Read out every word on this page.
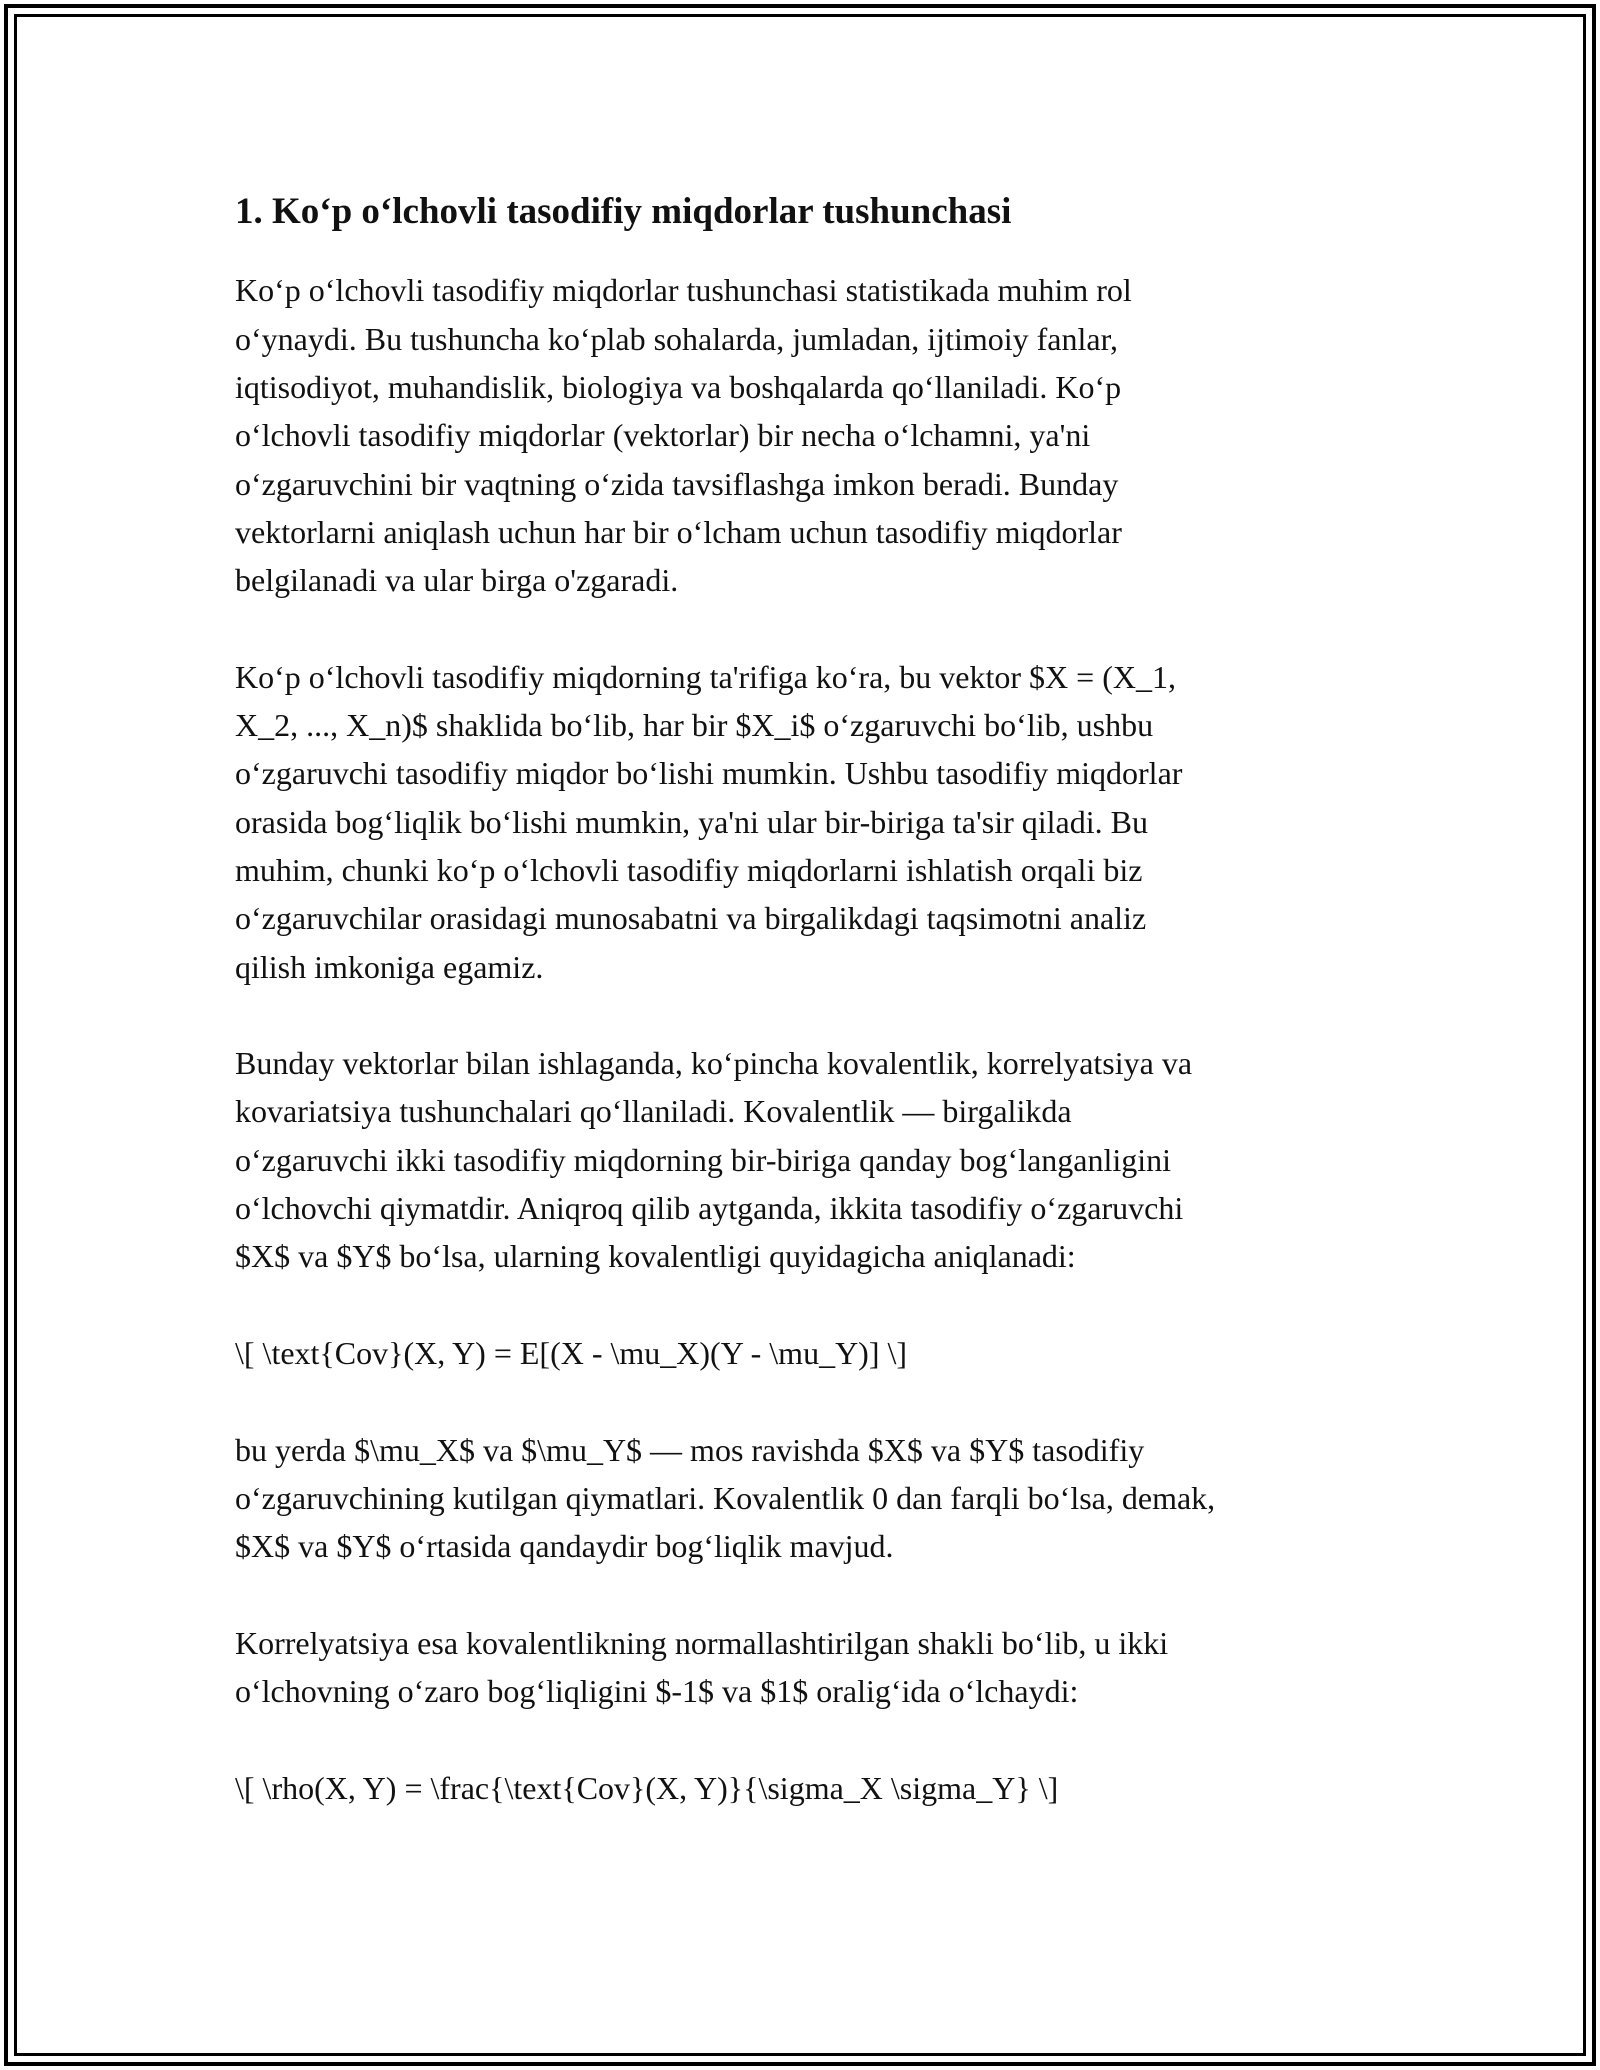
1. Koʻp oʻlchovli tasodifiy miqdorlar tushunchasi
Koʻp oʻlchovli tasodifiy miqdorlar tushunchasi statistikada muhim rol
oʻynaydi. Bu tushuncha koʻplab sohalarda, jumladan, ijtimoiy fanlar,
iqtisodiyot, muhandislik, biologiya va boshqalarda qoʻllaniladi. Koʻp
oʻlchovli tasodifiy miqdorlar (vektorlar) bir necha oʻlchamni, ya'ni
oʻzgaruvchini bir vaqtning oʻzida tavsiflashga imkon beradi. Bunday
vektorlarni aniqlash uchun har bir oʻlcham uchun tasodifiy miqdorlar
belgilanadi va ular birga o'zgaradi.
Koʻp oʻlchovli tasodifiy miqdorning ta'rifiga koʻra, bu vektor $X = (X_1,
X_2, ..., X_n)$ shaklida boʻlib, har bir $X_i$ oʻzgaruvchi boʻlib, ushbu
oʻzgaruvchi tasodifiy miqdor boʻlishi mumkin. Ushbu tasodifiy miqdorlar
orasida bogʻliqlik boʻlishi mumkin, ya'ni ular bir-biriga ta'sir qiladi. Bu
muhim, chunki koʻp oʻlchovli tasodifiy miqdorlarni ishlatish orqali biz
oʻzgaruvchilar orasidagi munosabatni va birgalikdagi taqsimotni analiz
qilish imkoniga egamiz.
Bunday vektorlar bilan ishlaganda, koʻpincha kovalentlik, korrelyatsiya va
kovariatsiya tushunchalari qoʻllaniladi. Kovalentlik — birgalikda
oʻzgaruvchi ikki tasodifiy miqdorning bir-biriga qanday bogʻlanganligini
oʻlchovchi qiymatdir. Aniqroq qilib aytganda, ikkita tasodifiy oʻzgaruvchi
$X$ va $Y$ boʻlsa, ularning kovalentligi quyidagicha aniqlanadi:
\[ \text{Cov}(X, Y) = E[(X - \mu_X)(Y - \mu_Y)] \]
bu yerda $\mu_X$ va $\mu_Y$ — mos ravishda $X$ va $Y$ tasodifiy
oʻzgaruvchining kutilgan qiymatlari. Kovalentlik 0 dan farqli boʻlsa, demak,
$X$ va $Y$ oʻrtasida qandaydir bogʻliqlik mavjud.
Korrelyatsiya esa kovalentlikning normallashtirilgan shakli boʻlib, u ikki
oʻlchovning oʻzaro bogʻliqligini $-1$ va $1$ oraligʻida oʻlchaydi:
\[ \rho(X, Y) = \frac{\text{Cov}(X, Y)}{\sigma_X \sigma_Y} \]
